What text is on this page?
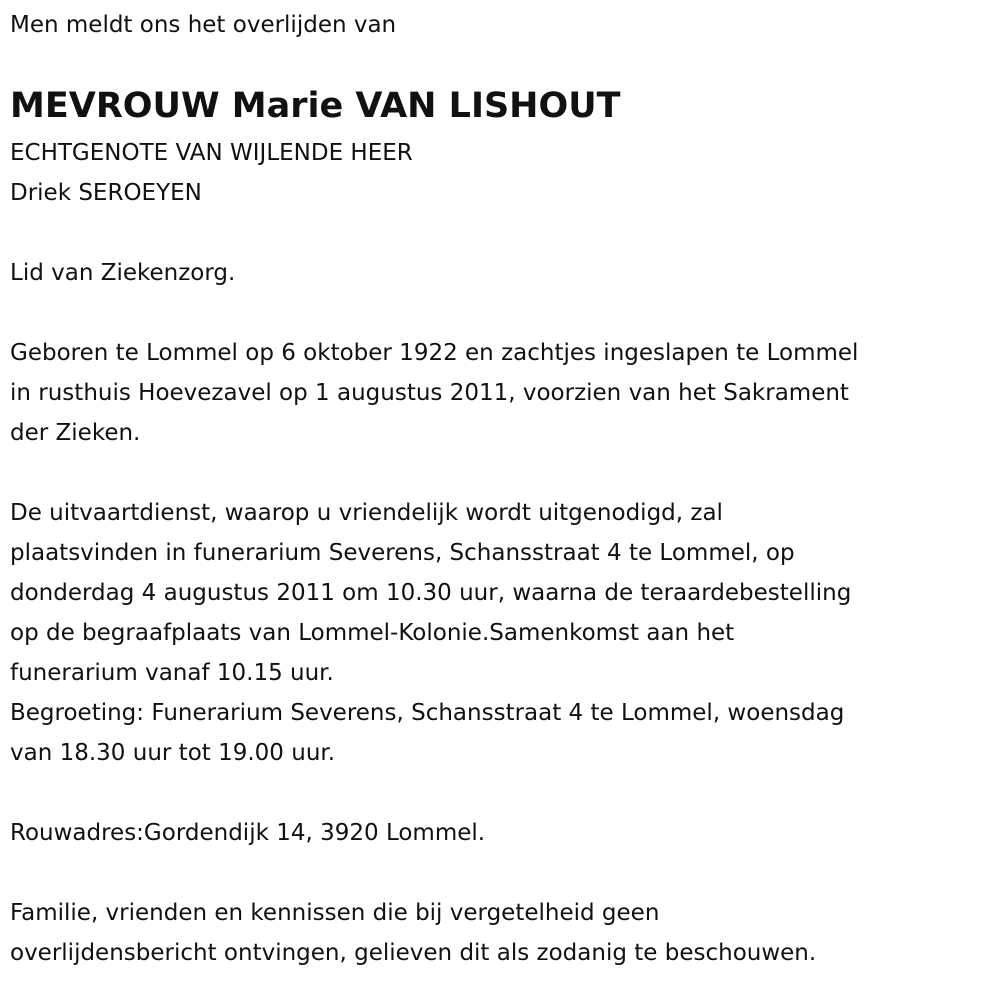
Men meldt ons het overlijden van
MEVROUW Marie VAN LISHOUT
ECHTGENOTE VAN WIJLENDE HEER
Driek SEROEYEN
Lid van Ziekenzorg.
Geboren te Lommel op 6 oktober 1922 en zachtjes ingeslapen te Lommel
in rusthuis Hoevezavel op 1 augustus 2011, voorzien van het Sakrament
der Zieken.
De uitvaartdienst, waarop u vriendelijk wordt uitgenodigd, zal
plaatsvinden in funerarium Severens, Schansstraat 4 te Lommel, op
donderdag 4 augustus 2011 om 10.30 uur, waarna de teraardebestelling
op de begraafplaats van Lommel-Kolonie.Samenkomst aan het
funerarium vanaf 10.15 uur.
Begroeting: Funerarium Severens, Schansstraat 4 te Lommel, woensdag
van 18.30 uur tot 19.00 uur.
Rouwadres:Gordendijk 14, 3920 Lommel.
Familie, vrienden en kennissen die bij vergetelheid geen
overlijdensbericht ontvingen, gelieven dit als zodanig te beschouwen.
